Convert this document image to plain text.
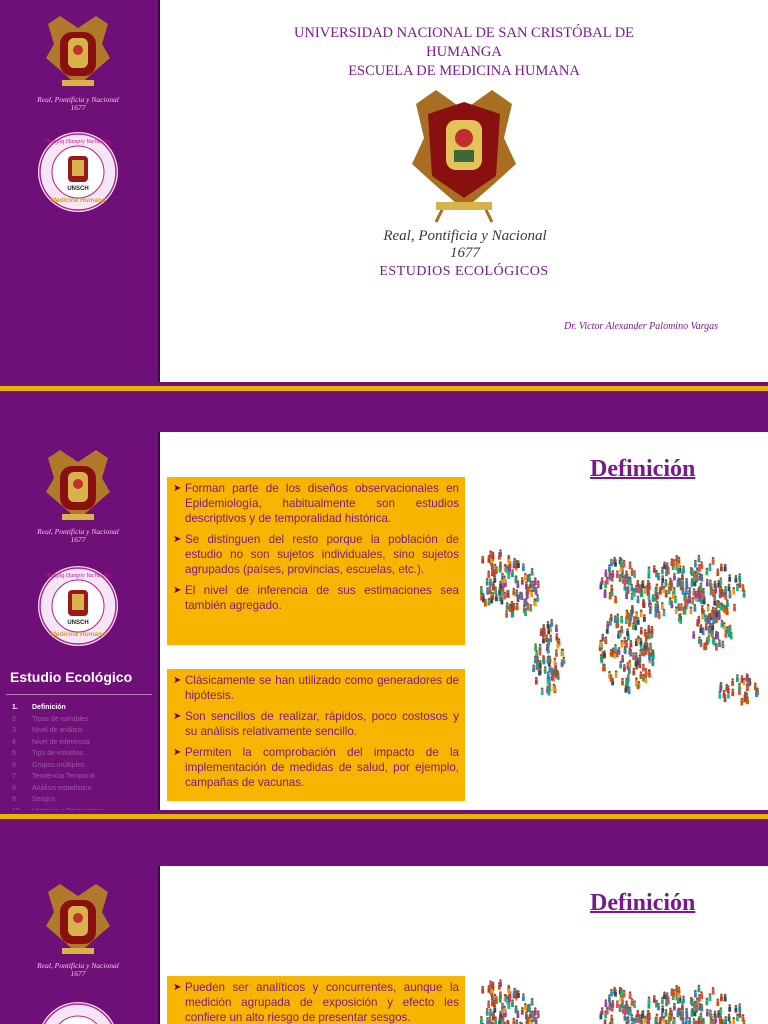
Real, Pontificia y Nacional
1677
UNSCH
Medicina Humana
Hampiq Hampiy Yachachiq
UNIVERSIDAD NACIONAL DE SAN CRISTÓBAL DE
HUMANGA
ESCUELA DE MEDICINA HUMANA
Real, Pontificia y Nacional
1677
ESTUDIOS ECOLÓGICOS
Dr. Victor Alexander Palomino Vargas
Real, Pontificia y Nacional
1677
UNSCH
Medicina Humana
Hampiq Hampiy Yachachiq
Estudio Ecológico
1. Definición
2. Tipos de variables
3. Nivel de análisis
4. Nivel de inferencia
5. Tipo de estudios
6. Grupos múltiples
7. Tendencia Temporal
8. Análisis estadístico
9. Sesgos
Definición
➤ Forman parte de los diseños observacionales en Epidemiología, habitualmente son estudios descriptivos y de temporalidad histórica.
➤ Se distinguen del resto porque la población de estudio no son sujetos individuales, sino sujetos agrupados (países, provincias, escuelas, etc.).
➤ El nivel de inferencia de sus estimaciones sea también agregado.
➤ Clásicamente se han utilizado como generadores de hipótesis.
➤ Son sencillos de realizar, rápidos, poco costosos y su análisis relativamente sencillo.
➤ Permiten la comprobación del impacto de la implementación de medidas de salud, por ejemplo, campañas de vacunas.
Real, Pontificia y Nacional
1677
Definición
➤ Pueden ser analíticos y concurrentes, aunque la medición agrupada de exposición y efecto les confiere un alto riesgo de presentar sesgos.
